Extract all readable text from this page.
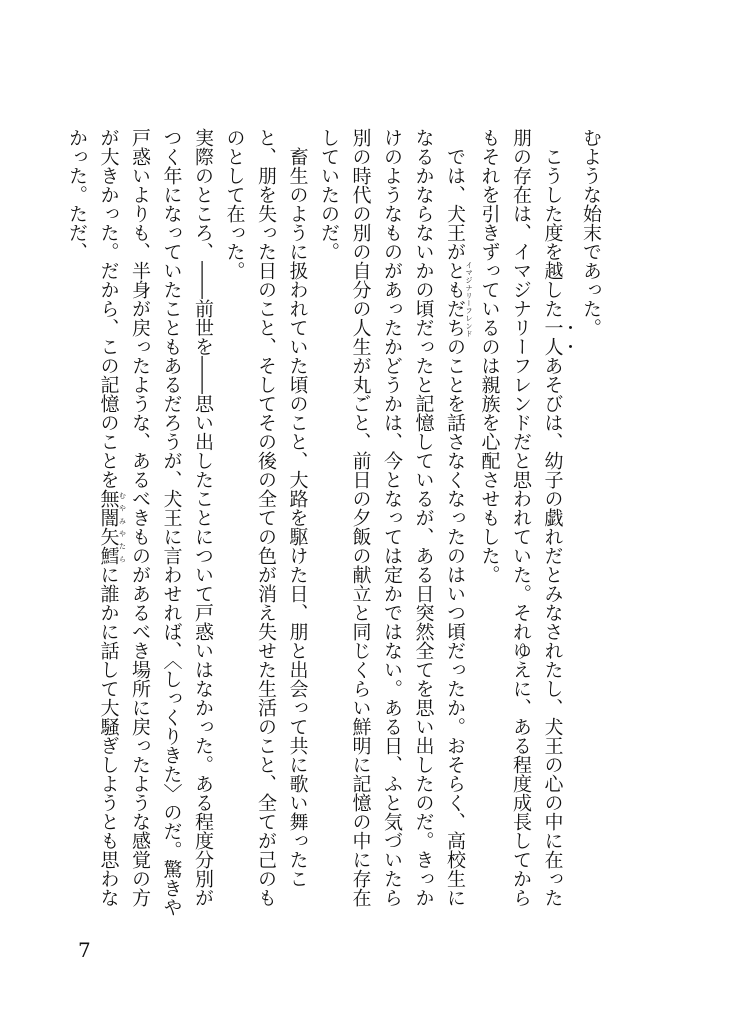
むような始末であった。

こうした度を越した一人あそびは、幼子の戯れだとみなされたし、犬王の心の中に在った朋の存在は、イマジナリーフレンドだと思われていた。それゆえに、ある程度成長してからもそれを引きずっているのは親族を心配させもした。

では、犬王がともだち イマジナリーフレンドのことを話さなくなったのはいつ頃だったか。おそらく、高校生になるかならないかの頃だったと記憶しているが、ある日突然全てを思い出したのだ。きっかけのようなものがあったかどうかは、今となっては定かではない。ある日、ふと気づいたら別の時代の別の自分の人生が丸ごと、前日の夕飯の献立と同じくらい鮮明に記憶の中に存在していたのだ。

畜生のように扱われていた頃のこと、大路を駆けた日、朋と出会って共に歌い舞ったこと、朋を失った日のこと、そしてその後の全ての色が消え失せた生活のこと、全てが己のものとして在った。

実際のところ、――前世を――思い出したことについて戸惑いはなかった。ある程度分別がつく年になっていたこともあるだろうが、犬王に言わせれば、〈しっくりきた〉のだ。驚きや戸惑いよりも、半身が戻ったような、あるべきものがあるべき場所に戻ったような感覚の方が大きかった。だから、この記憶のことを無闇矢鱈 むやみやたらに誰かに話して大騒ぎしようとも思わなかった。ただ、

7
